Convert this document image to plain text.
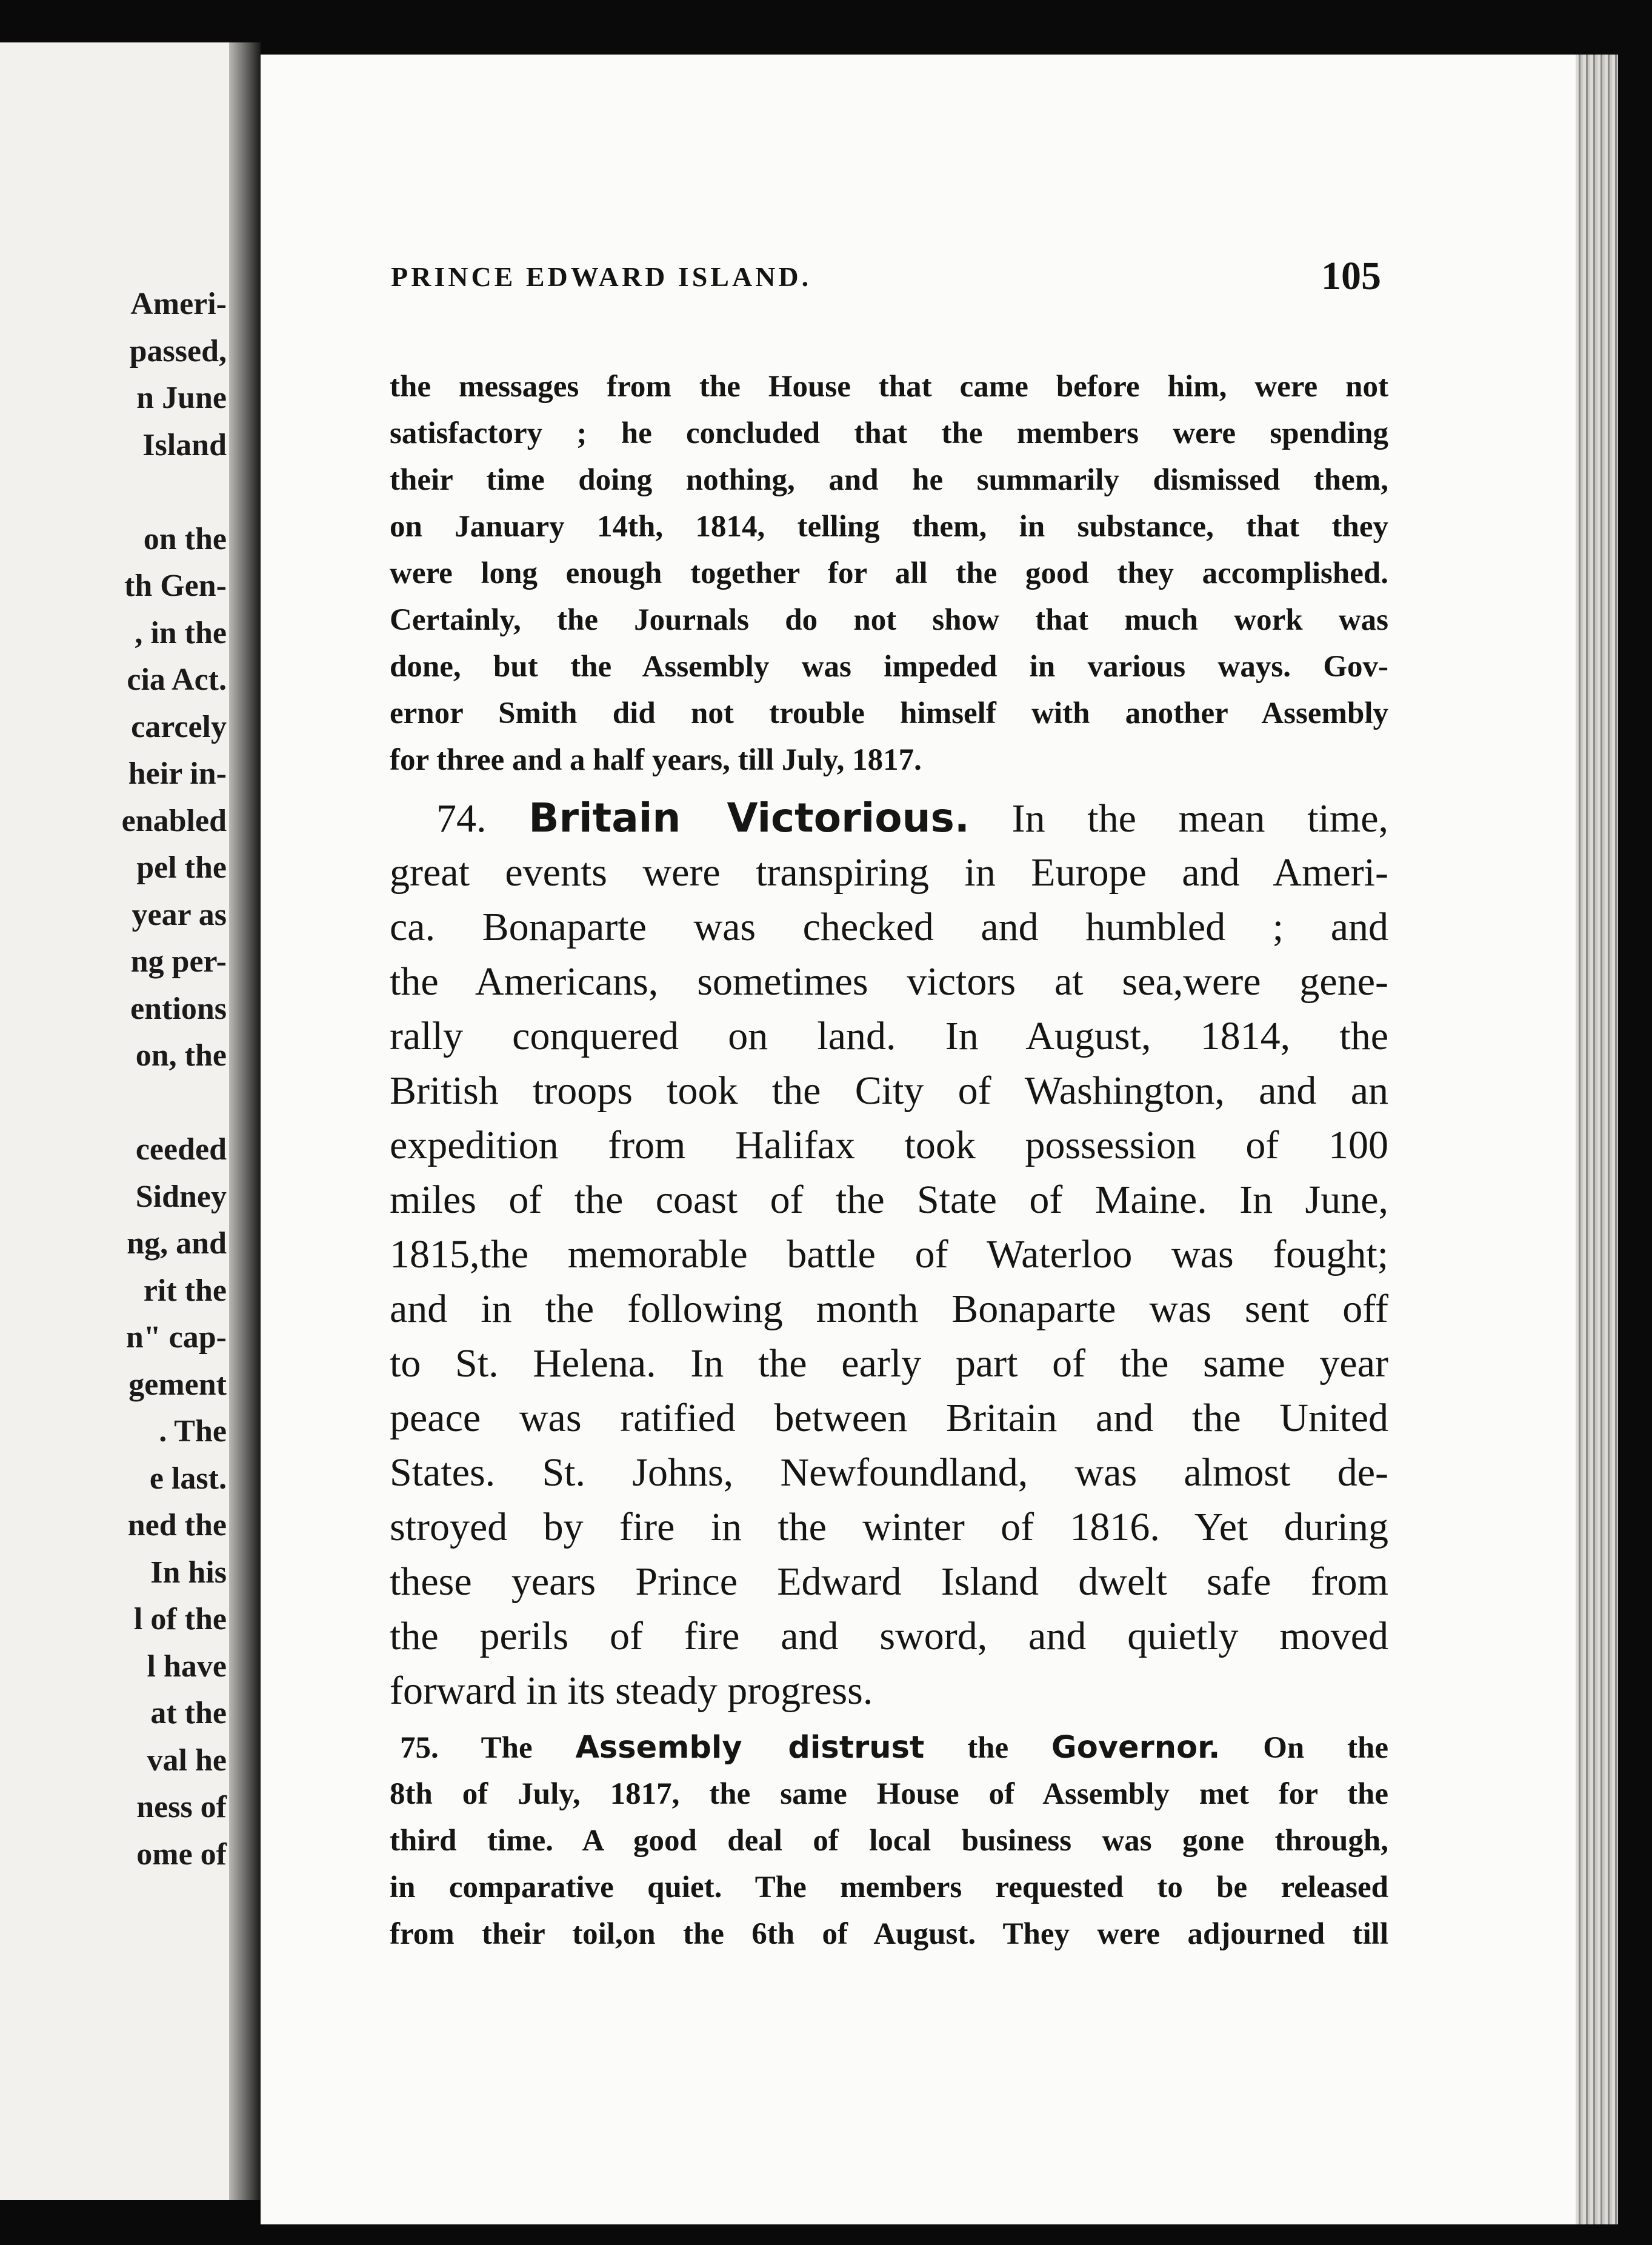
Ameri-
passed,
n June
Island
on the
th Gen-
, in the
cia Act.
carcely
heir in-
enabled
pel the
year as
ng per-
entions
on, the
ceeded
Sidney
ng, and
rit the
n" cap-
gement
. The
e last.
ned the
In his
l of the
l have
at the
val he
ness of
ome of
PRINCE EDWARD ISLAND.	105
the messages from the House that came before him, were not
satisfactory ; he concluded that the members were spending
their time doing nothing, and he summarily dismissed them,
on January 14th, 1814, telling them, in substance, that they
were long enough together for all the good they accomplished.
Certainly, the Journals do not show that much work was
done, but the Assembly was impeded in various ways. Gov-
ernor Smith did not trouble himself with another Assembly
for three and a half years, till July, 1817.
74. Britain Victorious. In the mean time,
great events were transpiring in Europe and Ameri-
ca. Bonaparte was checked and humbled ; and
the Americans, sometimes victors at sea,were gene-
rally conquered on land. In August, 1814, the
British troops took the City of Washington, and an
expedition from Halifax took possession of 100
miles of the coast of the State of Maine. In June,
1815,the memorable battle of Waterloo was fought;
and in the following month Bonaparte was sent off
to St. Helena. In the early part of the same year
peace was ratified between Britain and the United
States. St. Johns, Newfoundland, was almost de-
stroyed by fire in the winter of 1816. Yet during
these years Prince Edward Island dwelt safe from
the perils of fire and sword, and quietly moved
forward in its steady progress.
75. The Assembly distrust the Governor. On the
8th of July, 1817, the same House of Assembly met for the
third time. A good deal of local business was gone through,
in comparative quiet. The members requested to be released
from their toil,on the 6th of August. They were adjourned till
